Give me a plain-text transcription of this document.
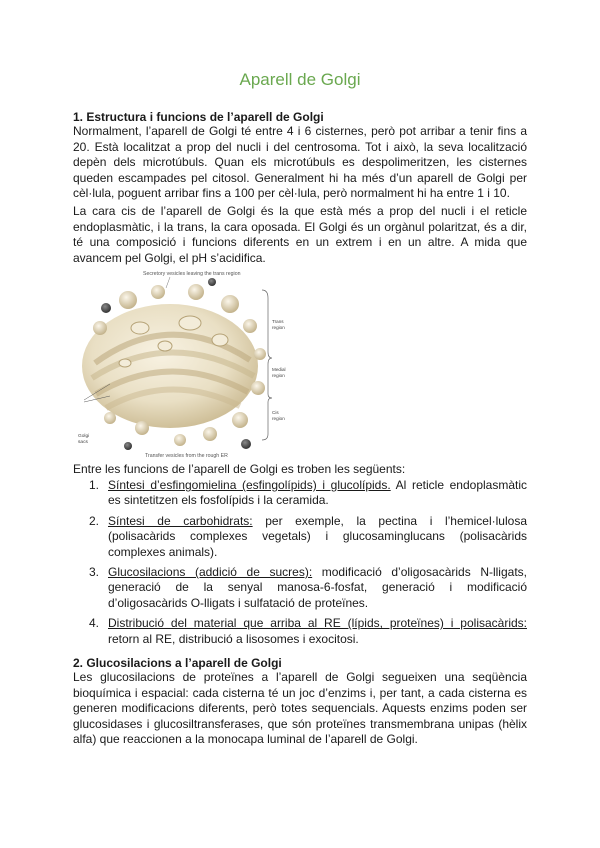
Aparell de Golgi
1. Estructura i funcions de l’aparell de Golgi
Normalment, l’aparell de Golgi té entre 4 i 6 cisternes, però pot arribar a tenir fins a
20. Està localitzat a prop del nucli i del centrosoma. Tot i això, la seva localització
depèn dels microtúbuls. Quan els microtúbuls es despolimeritzen, les cisternes
queden escampades pel citosol. Generalment hi ha més d’un aparell de Golgi per
cèl·lula, poguent arribar fins a 100 per cèl·lula, però normalment hi ha entre 1 i 10.
La cara cis de l’aparell de Golgi és la que està més a prop del nucli i el reticle
endoplasmàtic, i la trans, la cara oposada. El Golgi és un orgànul polaritzat, és a dir,
té una composició i funcions diferents en un extrem i en un altre. A mida que
avancem pel Golgi, el pH s’acidifica.
Secretory vesicles leaving the trans region
Trans
region
Medial
region
Cis
region
Golgi
sacs
Transfer vesicles from the rough ER
Entre les funcions de l’aparell de Golgi es troben les següents:
1. Síntesi d’esfingomielina (esfingolípids) i glucolípids. Al reticle endoplasmàtic
es sintetitzen els fosfolípids i la ceramida.
2. Síntesi de carbohidrats: per exemple, la pectina i l’hemicel·lulosa
(polisacàrids complexes vegetals) i glucosaminglucans (polisacàrids
complexes animals).
3. Glucosilacions (addició de sucres): modificació d’oligosacàrids N-lligats,
generació de la senyal manosa-6-fosfat, generació i modificació
d’oligosacàrids O-lligats i sulfatació de proteïnes.
4. Distribució del material que arriba al RE (lípids, proteïnes) i polisacàrids:
retorn al RE, distribució a lisosomes i exocitosi.
2. Glucosilacions a l’aparell de Golgi
Les glucosilacions de proteïnes a l’aparell de Golgi segueixen una seqüència
bioquímica i espacial: cada cisterna té un joc d’enzims i, per tant, a cada cisterna es
generen modificacions diferents, però totes sequencials. Aquests enzims poden ser
glucosidases i glucosiltransferases, que són proteïnes transmembrana unipas (hèlix
alfa) que reaccionen a la monocapa luminal de l’aparell de Golgi.
